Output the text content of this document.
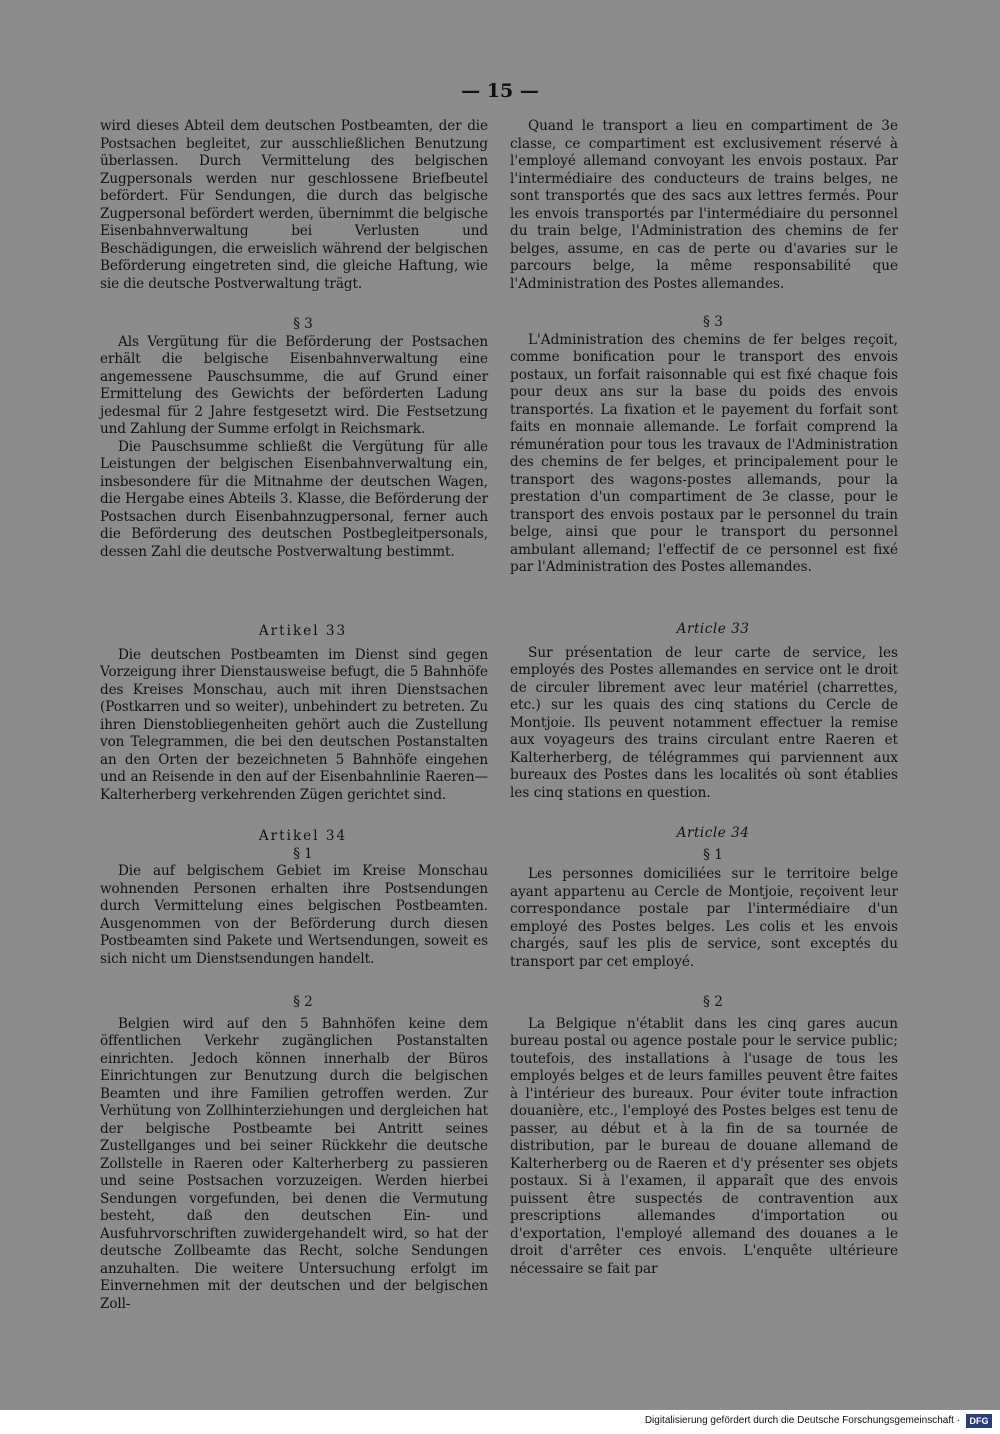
— 15 —

wird dieses Abteil dem deutschen Postbeamten, der die Postsachen begleitet, zur ausschließlichen Benutzung überlassen. Durch Vermittelung des belgischen Zugpersonals werden nur geschlossene Briefbeutel befördert. Für Sendungen, die durch das belgische Zugpersonal befördert werden, übernimmt die belgische Eisenbahnverwaltung bei Verlusten und Beschädigungen, die erweislich während der belgischen Beförderung eingetreten sind, die gleiche Haftung, wie sie die deutsche Postverwaltung trägt.

§ 3

Als Vergütung für die Beförderung der Postsachen erhält die belgische Eisenbahnverwaltung eine angemessene Pauschsumme, die auf Grund einer Ermittelung des Gewichts der beförderten Ladung jedesmal für 2 Jahre festgesetzt wird. Die Festsetzung und Zahlung der Summe erfolgt in Reichsmark.

Die Pauschsumme schließt die Vergütung für alle Leistungen der belgischen Eisenbahnverwaltung ein, insbesondere für die Mitnahme der deutschen Wagen, die Hergabe eines Abteils 3. Klasse, die Beförderung der Postsachen durch Eisenbahnzugpersonal, ferner auch die Beförderung des deutschen Postbegleitpersonals, dessen Zahl die deutsche Postverwaltung bestimmt.

Artikel 33

Die deutschen Postbeamten im Dienst sind gegen Vorzeigung ihrer Dienstausweise befugt, die 5 Bahnhöfe des Kreises Monschau, auch mit ihren Dienstsachen (Postkarren und so weiter), unbehindert zu betreten. Zu ihren Dienstobliegenheiten gehört auch die Zustellung von Telegrammen, die bei den deutschen Postanstalten an den Orten der bezeichneten 5 Bahnhöfe eingehen und an Reisende in den auf der Eisenbahnlinie Raeren—Kalterherberg verkehrenden Zügen gerichtet sind.

Artikel 34

§ 1

Die auf belgischem Gebiet im Kreise Monschau wohnenden Personen erhalten ihre Postsendungen durch Vermittelung eines belgischen Postbeamten. Ausgenommen von der Beförderung durch diesen Postbeamten sind Pakete und Wertsendungen, soweit es sich nicht um Dienstsendungen handelt.

§ 2

Belgien wird auf den 5 Bahnhöfen keine dem öffentlichen Verkehr zugänglichen Postanstalten einrichten. Jedoch können innerhalb der Büros Einrichtungen zur Benutzung durch die belgischen Beamten und ihre Familien getroffen werden. Zur Verhütung von Zollhinterziehungen und dergleichen hat der belgische Postbeamte bei Antritt seines Zustellganges und bei seiner Rückkehr die deutsche Zollstelle in Raeren oder Kalterherberg zu passieren und seine Postsachen vorzuzeigen. Werden hierbei Sendungen vorgefunden, bei denen die Vermutung besteht, daß den deutschen Ein- und Ausfuhrvorschriften zuwidergehandelt wird, so hat der deutsche Zollbeamte das Recht, solche Sendungen anzuhalten. Die weitere Untersuchung erfolgt im Einvernehmen mit der deutschen und der belgischen Zoll-

Quand le transport a lieu en compartiment de 3e classe, ce compartiment est exclusivement réservé à l'employé allemand convoyant les envois postaux. Par l'intermédiaire des conducteurs de trains belges, ne sont transportés que des sacs aux lettres fermés. Pour les envois transportés par l'intermédiaire du personnel du train belge, l'Administration des chemins de fer belges, assume, en cas de perte ou d'avaries sur le parcours belge, la même responsabilité que l'Administration des Postes allemandes.

§ 3

L'Administration des chemins de fer belges reçoit, comme bonification pour le transport des envois postaux, un forfait raisonnable qui est fixé chaque fois pour deux ans sur la base du poids des envois transportés. La fixation et le payement du forfait sont faits en monnaie allemande. Le forfait comprend la rémunération pour tous les travaux de l'Administration des chemins de fer belges, et principalement pour le transport des wagons-postes allemands, pour la prestation d'un compartiment de 3e classe, pour le transport des envois postaux par le personnel du train belge, ainsi que pour le transport du personnel ambulant allemand; l'effectif de ce personnel est fixé par l'Administration des Postes allemandes.

Article 33

Sur présentation de leur carte de service, les employés des Postes allemandes en service ont le droit de circuler librement avec leur matériel (charrettes, etc.) sur les quais des cinq stations du Cercle de Montjoie. Ils peuvent notamment effectuer la remise aux voyageurs des trains circulant entre Raeren et Kalterherberg, de télégrammes qui parviennent aux bureaux des Postes dans les localités où sont établies les cinq stations en question.

Article 34

§ 1

Les personnes domiciliées sur le territoire belge ayant appartenu au Cercle de Montjoie, reçoivent leur correspondance postale par l'intermédiaire d'un employé des Postes belges. Les colis et les envois chargés, sauf les plis de service, sont exceptés du transport par cet employé.

§ 2

La Belgique n'établit dans les cinq gares aucun bureau postal ou agence postale pour le service public; toutefois, des installations à l'usage de tous les employés belges et de leurs familles peuvent être faites à l'intérieur des bureaux. Pour éviter toute infraction douanière, etc., l'employé des Postes belges est tenu de passer, au début et à la fin de sa tournée de distribution, par le bureau de douane allemand de Kalterherberg ou de Raeren et d'y présenter ses objets postaux. Si à l'examen, il apparaît que des envois puissent être suspectés de contravention aux prescriptions allemandes d'importation ou d'exportation, l'employé allemand des douanes a le droit d'arrêter ces envois. L'enquête ultérieure nécessaire se fait par

Digitalisierung gefördert durch die Deutsche Forschungsgemeinschaft ·	DFG
